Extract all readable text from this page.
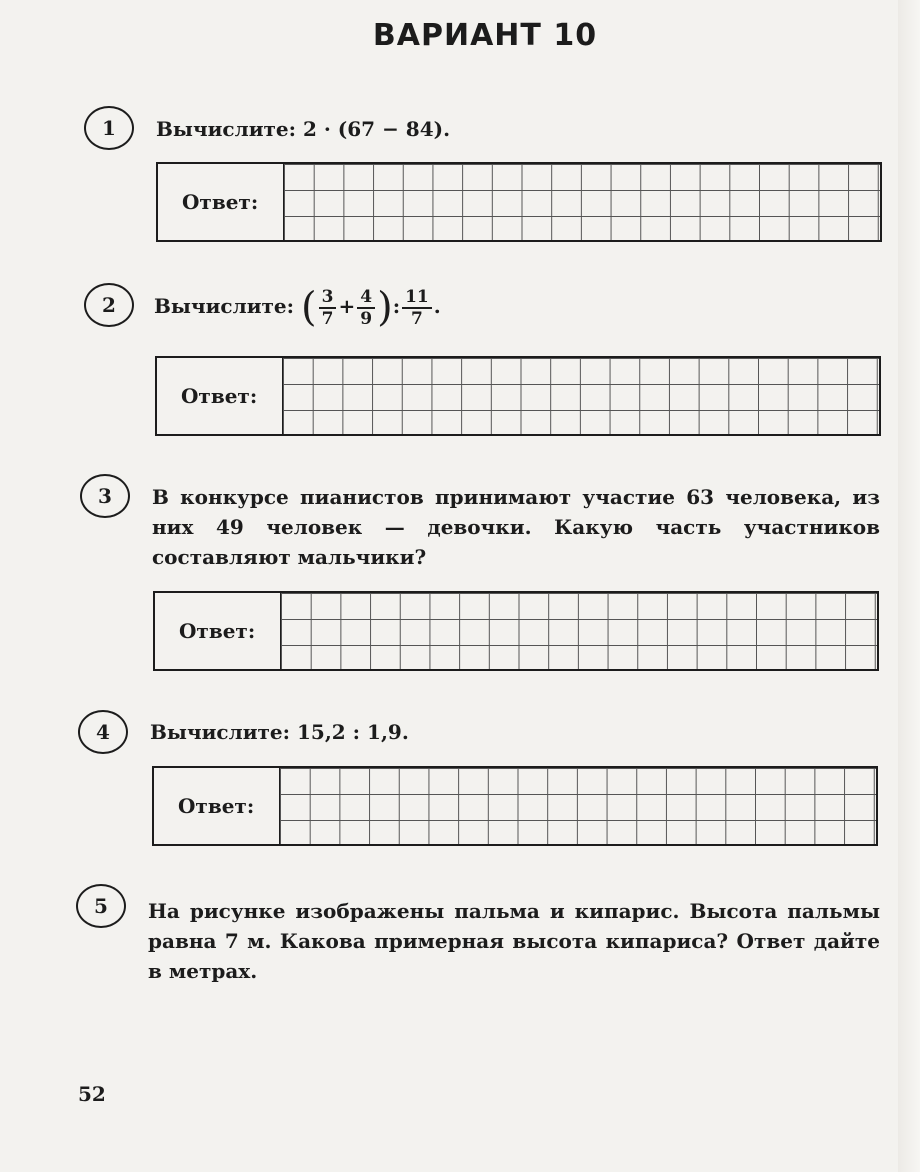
ВАРИАНТ 10
1	Вычислите: 2 · (67 − 84).
Ответ:
2	Вычислите: ( $\frac{3}{7} + \frac{4}{9}$ ): $\frac{11}{7}$ .
Ответ:
3	В конкурсе пианистов принимают участие 63 человека, из них 49 человек — девочки. Какую часть участников составляют мальчики?
Ответ:
4	Вычислите: 15,2 : 1,9.
Ответ:
5	На рисунке изображены пальма и кипарис. Высота пальмы равна 7 м. Какова примерная высота кипариса? Ответ дайте в метрах.
52
